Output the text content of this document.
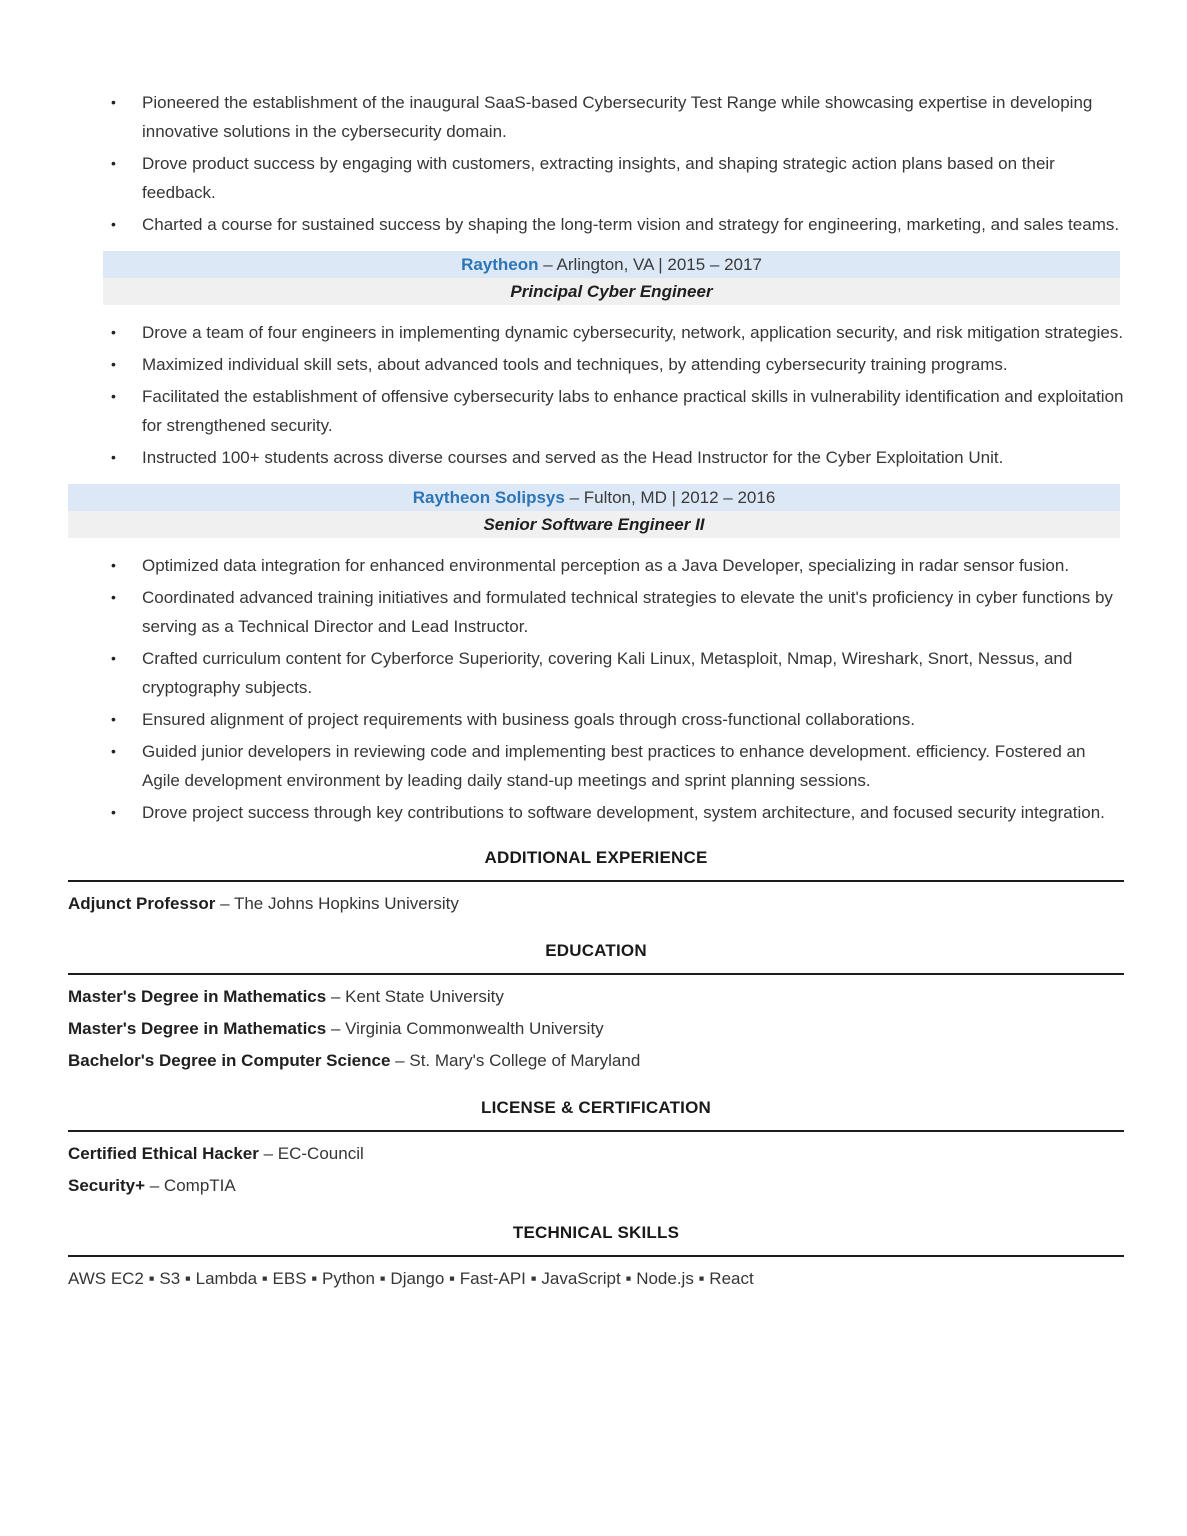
• Pioneered the establishment of the inaugural SaaS-based Cybersecurity Test Range while showcasing expertise in developing innovative solutions in the cybersecurity domain.
• Drove product success by engaging with customers, extracting insights, and shaping strategic action plans based on their feedback.
• Charted a course for sustained success by shaping the long-term vision and strategy for engineering, marketing, and sales teams.
Raytheon – Arlington, VA | 2015 – 2017
Principal Cyber Engineer
• Drove a team of four engineers in implementing dynamic cybersecurity, network, application security, and risk mitigation strategies.
• Maximized individual skill sets, about advanced tools and techniques, by attending cybersecurity training programs.
• Facilitated the establishment of offensive cybersecurity labs to enhance practical skills in vulnerability identification and exploitation for strengthened security.
• Instructed 100+ students across diverse courses and served as the Head Instructor for the Cyber Exploitation Unit.
Raytheon Solipsys – Fulton, MD | 2012 – 2016
Senior Software Engineer II
• Optimized data integration for enhanced environmental perception as a Java Developer, specializing in radar sensor fusion.
• Coordinated advanced training initiatives and formulated technical strategies to elevate the unit's proficiency in cyber functions by serving as a Technical Director and Lead Instructor.
• Crafted curriculum content for Cyberforce Superiority, covering Kali Linux, Metasploit, Nmap, Wireshark, Snort, Nessus, and cryptography subjects.
• Ensured alignment of project requirements with business goals through cross-functional collaborations.
• Guided junior developers in reviewing code and implementing best practices to enhance development. efficiency. Fostered an Agile development environment by leading daily stand-up meetings and sprint planning sessions.
• Drove project success through key contributions to software development, system architecture, and focused security integration.
ADDITIONAL EXPERIENCE
Adjunct Professor – The Johns Hopkins University
EDUCATION
Master's Degree in Mathematics – Kent State University
Master's Degree in Mathematics – Virginia Commonwealth University
Bachelor's Degree in Computer Science – St. Mary's College of Maryland
LICENSE & CERTIFICATION
Certified Ethical Hacker – EC-Council
Security+ – CompTIA
TECHNICAL SKILLS
AWS EC2 ▪ S3 ▪ Lambda ▪ EBS ▪ Python ▪ Django ▪ Fast-API ▪ JavaScript ▪ Node.js ▪ React
